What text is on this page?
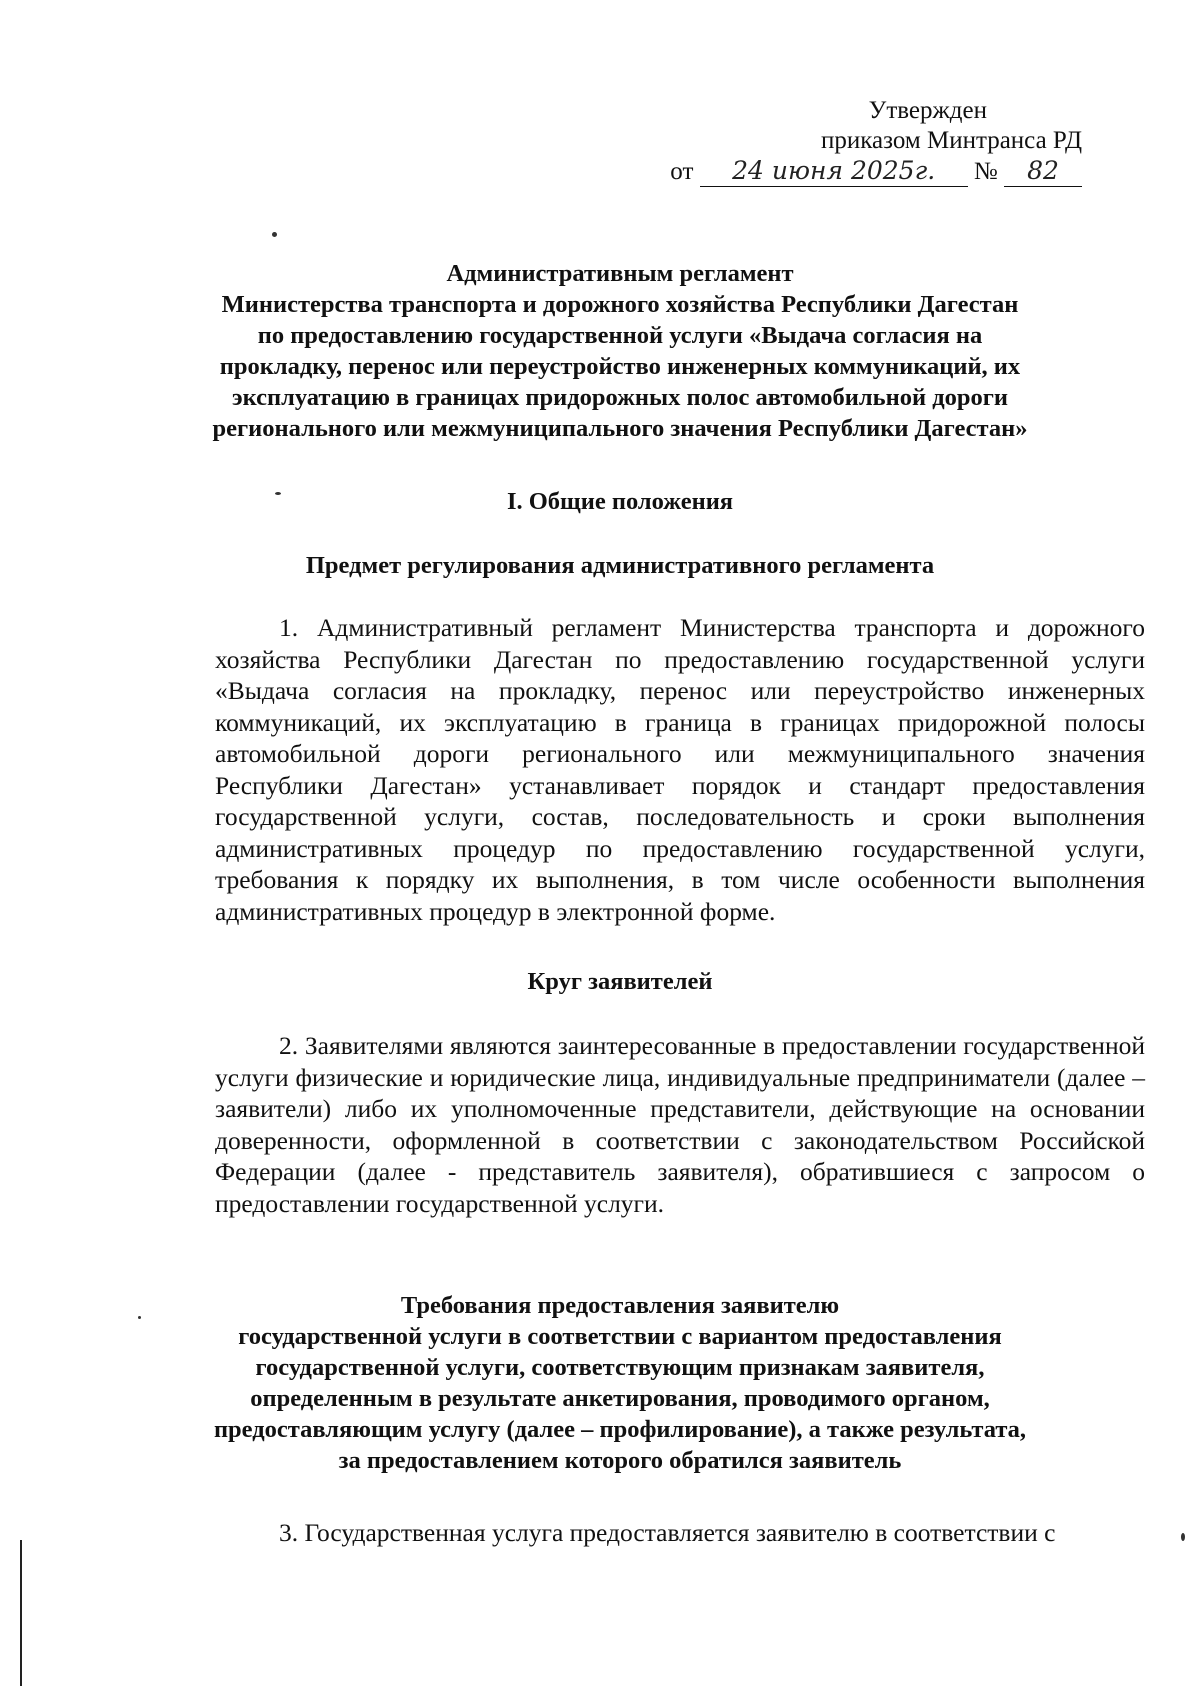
Утвержден
приказом Минтранса РД
от 24 июня 2025г. № 82
Административным регламент
Министерства транспорта и дорожного хозяйства Республики Дагестан
по предоставлению государственной услуги «Выдача согласия на
прокладку, перенос или переустройство инженерных коммуникаций, их
эксплуатацию в границах придорожных полос автомобильной дороги
регионального или межмуниципального значения Республики Дагестан»
I. Общие положения
Предмет регулирования административного регламента
1. Административный регламент Министерства транспорта и дорожного хозяйства Республики Дагестан по предоставлению государственной услуги «Выдача согласия на прокладку, перенос или переустройство инженерных коммуникаций, их эксплуатацию в границa в границах придорожной полосы автомобильной дороги регионального или межмуниципального значения Республики Дагестан» устанавливает порядок и стандарт предоставления государственной услуги, состав, последовательность и сроки выполнения административных процедур по предоставлению государственной услуги, требования к порядку их выполнения, в том числе особенности выполнения административных процедур в электронной форме.
Круг заявителей
2. Заявителями являются заинтересованные в предоставлении государственной услуги физические и юридические лица, индивидуальные предприниматели (далее – заявители) либо их уполномоченные представители, действующие на основании доверенности, оформленной в соответствии с законодательством Российской Федерации (далее - представитель заявителя), обратившиеся с запросом о предоставлении государственной услуги.
Требования предоставления заявителю
государственной услуги в соответствии с вариантом предоставления
государственной услуги, соответствующим признакам заявителя,
определенным в результате анкетирования, проводимого органом,
предоставляющим услугу (далее – профилирование), а также результата,
за предоставлением которого обратился заявитель
3. Государственная услуга предоставляется заявителю в соответствии с
